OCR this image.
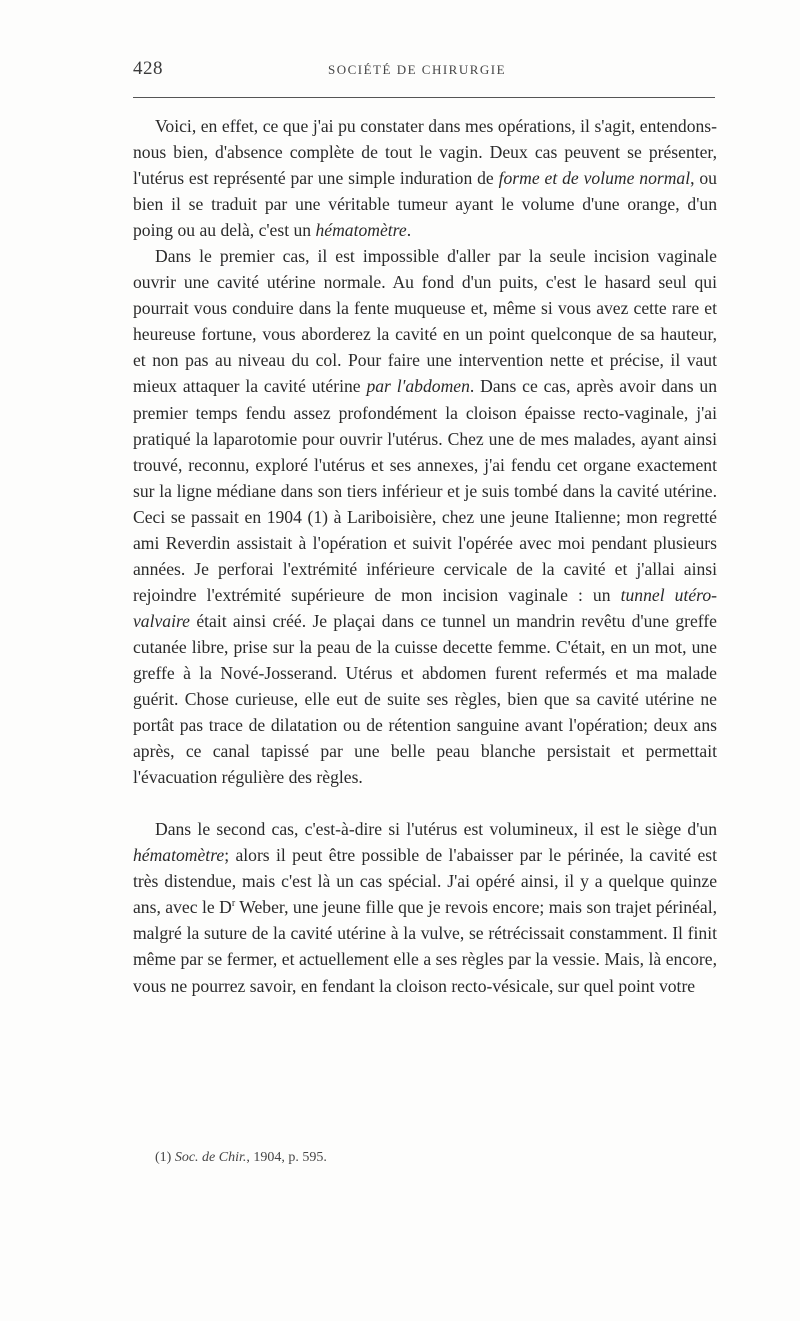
428	SOCIÉTÉ DE CHIRURGIE

Voici, en effet, ce que j'ai pu constater dans mes opérations, il s'agit, entendons-nous bien, d'absence complète de tout le vagin. Deux cas peuvent se présenter, l'utérus est représenté par une simple induration de forme et de volume normal, ou bien il se traduit par une véritable tumeur ayant le volume d'une orange, d'un poing ou au delà, c'est un hématomètre.

Dans le premier cas, il est impossible d'aller par la seule incision vaginale ouvrir une cavité utérine normale. Au fond d'un puits, c'est le hasard seul qui pourrait vous conduire dans la fente muqueuse et, même si vous avez cette rare et heureuse fortune, vous aborderez la cavité en un point quelconque de sa hauteur, et non pas au niveau du col. Pour faire une intervention nette et précise, il vaut mieux attaquer la cavité utérine par l'abdomen. Dans ce cas, après avoir dans un premier temps fendu assez profondément la cloison épaisse recto-vaginale, j'ai pratiqué la laparotomie pour ouvrir l'utérus. Chez une de mes malades, ayant ainsi trouvé, reconnu, exploré l'utérus et ses annexes, j'ai fendu cet organe exactement sur la ligne médiane dans son tiers inférieur et je suis tombé dans la cavité utérine. Ceci se passait en 1904 (1) à Lariboisière, chez une jeune Italienne; mon regretté ami Reverdin assistait à l'opération et suivit l'opérée avec moi pendant plusieurs années. Je perforai l'extrémité inférieure cervicale de la cavité et j'allai ainsi rejoindre l'extrémité supérieure de mon incision vaginale : un tunnel utéro-valvaire était ainsi créé. Je plaçai dans ce tunnel un mandrin revêtu d'une greffe cutanée libre, prise sur la peau de la cuisse decette femme. C'était, en un mot, une greffe à la Nové-Josserand. Utérus et abdomen furent refermés et ma malade guérit. Chose curieuse, elle eut de suite ses règles, bien que sa cavité utérine ne portât pas trace de dilatation ou de rétention sanguine avant l'opération; deux ans après, ce canal tapissé par une belle peau blanche persistait et permettait l'évacuation régulière des règles.

Dans le second cas, c'est-à-dire si l'utérus est volumineux, il est le siège d'un hématomètre; alors il peut être possible de l'abaisser par le périnée, la cavité est très distendue, mais c'est là un cas spécial. J'ai opéré ainsi, il y a quelque quinze ans, avec le $D^r$ Weber, une jeune fille que je revois encore; mais son trajet périnéal, malgré la suture de la cavité utérine à la vulve, se rétrécissait constamment. Il finit même par se fermer, et actuellement elle a ses règles par la vessie. Mais, là encore, vous ne pourrez savoir, en fendant la cloison recto-vésicale, sur quel point votre

(1) Soc. de Chir., 1904, p. 595.
